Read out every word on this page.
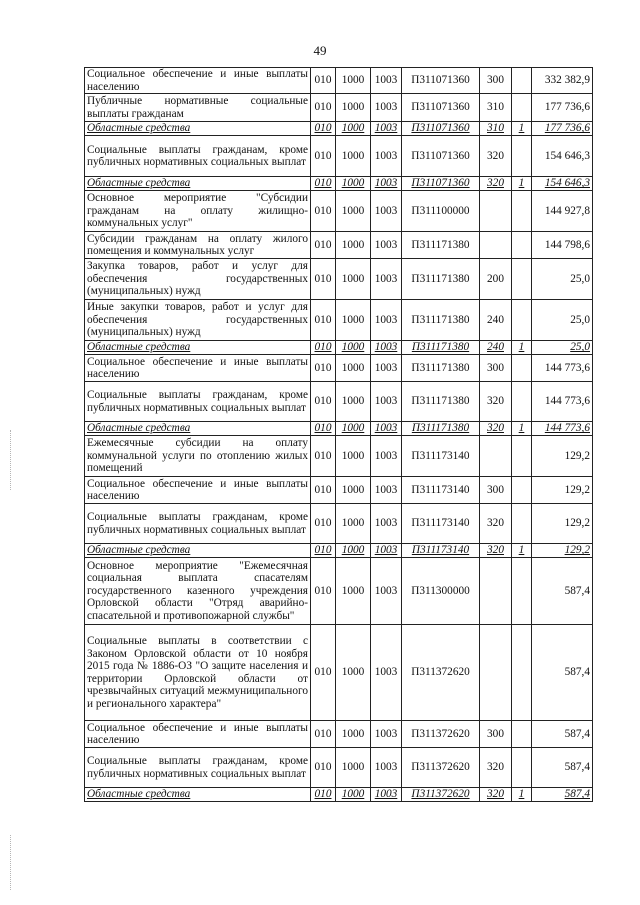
49
Социальное обеспечение и иные выплаты населению	010	1000	1003	П311071360	300		332 382,9
Публичные нормативные социальные выплаты гражданам	010	1000	1003	П311071360	310		177 736,6
Областные средства	010	1000	1003	П311071360	310	1	177 736,6
Социальные выплаты гражданам, кроме публичных нормативных социальных выплат	010	1000	1003	П311071360	320		154 646,3
Областные средства	010	1000	1003	П311071360	320	1	154 646,3
Основное мероприятие "Субсидии гражданам на оплату жилищно-коммунальных услуг"	010	1000	1003	П311100000			144 927,8
Субсидии гражданам на оплату жилого помещения и коммунальных услуг	010	1000	1003	П311171380			144 798,6
Закупка товаров, работ и услуг для обеспечения государственных (муниципальных) нужд	010	1000	1003	П311171380	200		25,0
Иные закупки товаров, работ и услуг для обеспечения государственных (муниципальных) нужд	010	1000	1003	П311171380	240		25,0
Областные средства	010	1000	1003	П311171380	240	1	25,0
Социальное обеспечение и иные выплаты населению	010	1000	1003	П311171380	300		144 773,6
Социальные выплаты гражданам, кроме публичных нормативных социальных выплат	010	1000	1003	П311171380	320		144 773,6
Областные средства	010	1000	1003	П311171380	320	1	144 773,6
Ежемесячные субсидии на оплату коммунальной услуги по отоплению жилых помещений	010	1000	1003	П311173140			129,2
Социальное обеспечение и иные выплаты населению	010	1000	1003	П311173140	300		129,2
Социальные выплаты гражданам, кроме публичных нормативных социальных выплат	010	1000	1003	П311173140	320		129,2
Областные средства	010	1000	1003	П311173140	320	1	129,2
Основное мероприятие "Ежемесячная социальная выплата спасателям государственного казенного учреждения Орловской области "Отряд аварийно-спасательной и противопожарной службы"	010	1000	1003	П311300000			587,4
Социальные выплаты в соответствии с Законом Орловской области от 10 ноября 2015 года № 1886-ОЗ "О защите населения и территории Орловской области от чрезвычайных ситуаций межмуниципального и регионального характера"	010	1000	1003	П311372620			587,4
Социальное обеспечение и иные выплаты населению	010	1000	1003	П311372620	300		587,4
Социальные выплаты гражданам, кроме публичных нормативных социальных выплат	010	1000	1003	П311372620	320		587,4
Областные средства	010	1000	1003	П311372620	320	1	587,4
